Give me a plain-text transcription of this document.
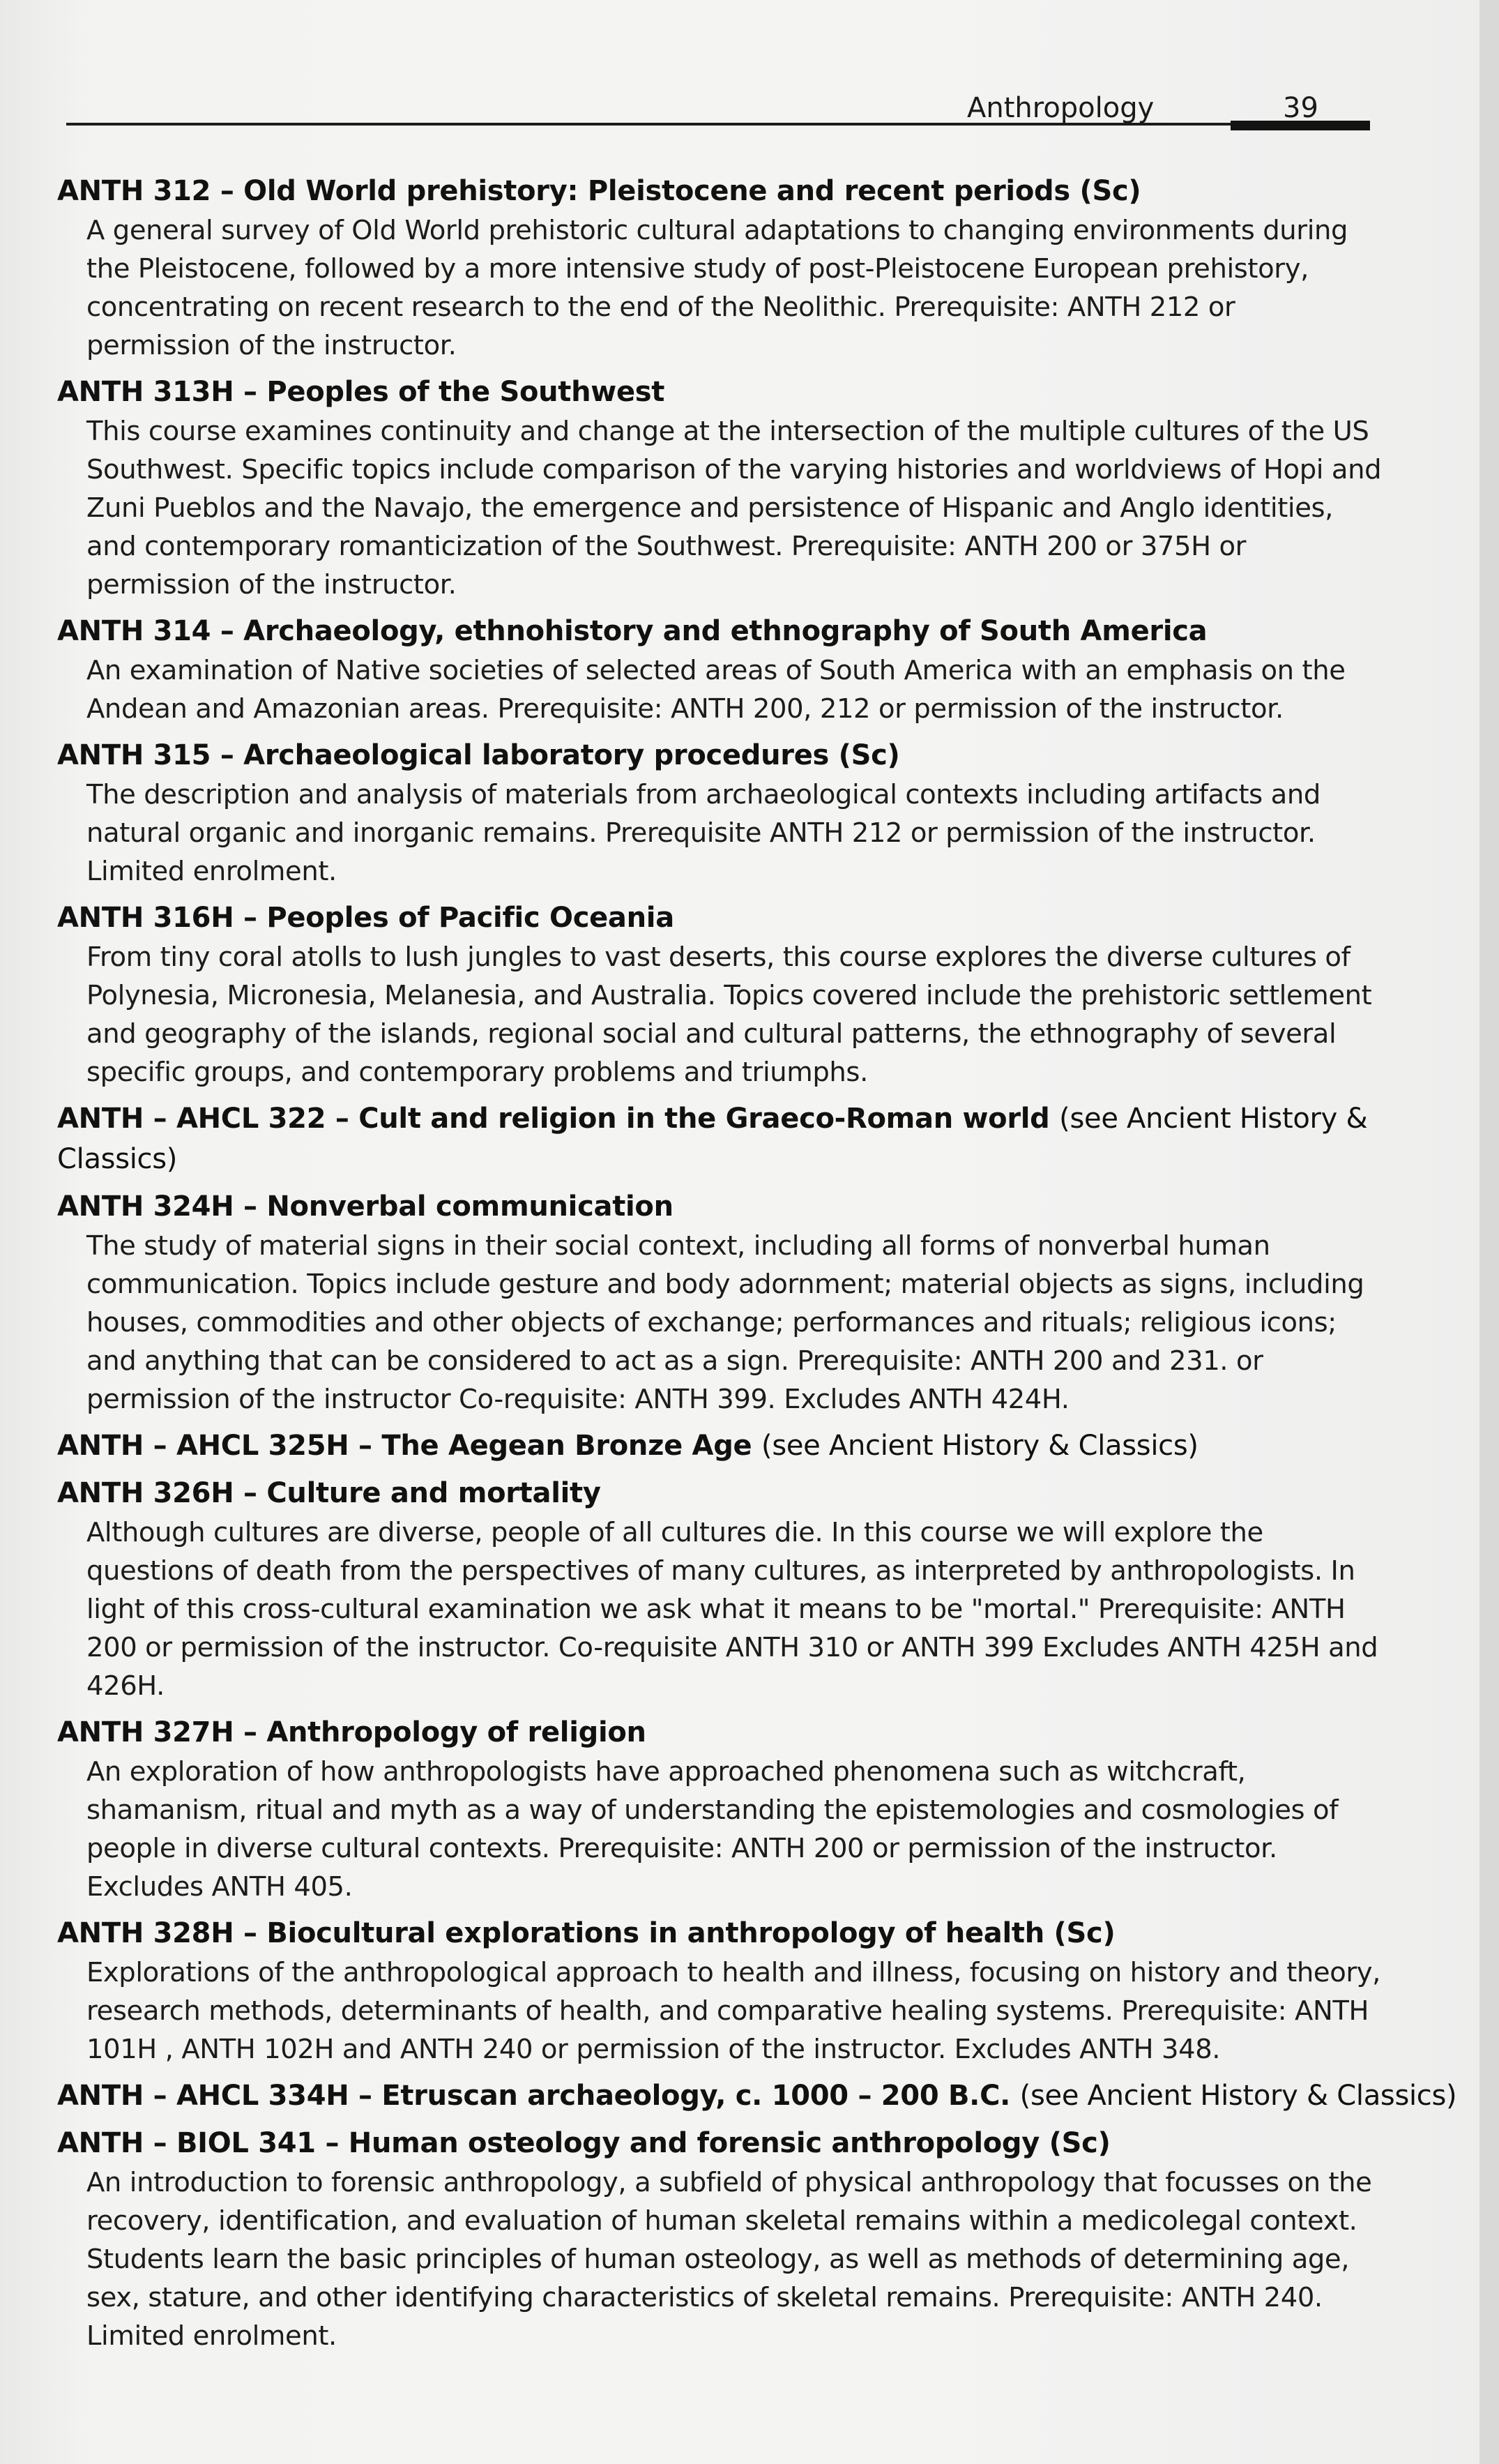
Anthropology	39
ANTH 312 – Old World prehistory: Pleistocene and recent periods (Sc)
A general survey of Old World prehistoric cultural adaptations to changing environments during the Pleistocene, followed by a more intensive study of post-Pleistocene European prehistory, concentrating on recent research to the end of the Neolithic. Prerequisite: ANTH 212 or permission of the instructor.
ANTH 313H – Peoples of the Southwest
This course examines continuity and change at the intersection of the multiple cultures of the US Southwest. Specific topics include comparison of the varying histories and worldviews of Hopi and Zuni Pueblos and the Navajo, the emergence and persistence of Hispanic and Anglo identities, and contemporary romanticization of the Southwest. Prerequisite: ANTH 200 or 375H or permission of the instructor.
ANTH 314 – Archaeology, ethnohistory and ethnography of South America
An examination of Native societies of selected areas of South America with an emphasis on the Andean and Amazonian areas. Prerequisite: ANTH 200, 212 or permission of the instructor.
ANTH 315 – Archaeological laboratory procedures (Sc)
The description and analysis of materials from archaeological contexts including artifacts and natural organic and inorganic remains. Prerequisite ANTH 212 or permission of the instructor. Limited enrolment.
ANTH 316H – Peoples of Pacific Oceania
From tiny coral atolls to lush jungles to vast deserts, this course explores the diverse cultures of Polynesia, Micronesia, Melanesia, and Australia. Topics covered include the prehistoric settlement and geography of the islands, regional social and cultural patterns, the ethnography of several specific groups, and contemporary problems and triumphs.
ANTH – AHCL 322 – Cult and religion in the Graeco-Roman world (see Ancient History & Classics)
ANTH 324H – Nonverbal communication
The study of material signs in their social context, including all forms of nonverbal human communication. Topics include gesture and body adornment; material objects as signs, including houses, commodities and other objects of exchange; performances and rituals; religious icons; and anything that can be considered to act as a sign. Prerequisite: ANTH 200 and 231. or permission of the instructor Co-requisite: ANTH 399. Excludes ANTH 424H.
ANTH – AHCL 325H – The Aegean Bronze Age (see Ancient History & Classics)
ANTH 326H – Culture and mortality
Although cultures are diverse, people of all cultures die. In this course we will explore the questions of death from the perspectives of many cultures, as interpreted by anthropologists. In light of this cross-cultural examination we ask what it means to be "mortal." Prerequisite: ANTH 200 or permission of the instructor. Co-requisite ANTH 310 or ANTH 399 Excludes ANTH 425H and 426H.
ANTH 327H – Anthropology of religion
An exploration of how anthropologists have approached phenomena such as witchcraft, shamanism, ritual and myth as a way of understanding the epistemologies and cosmologies of people in diverse cultural contexts. Prerequisite: ANTH 200 or permission of the instructor. Excludes ANTH 405.
ANTH 328H – Biocultural explorations in anthropology of health (Sc)
Explorations of the anthropological approach to health and illness, focusing on history and theory, research methods, determinants of health, and comparative healing systems. Prerequisite: ANTH 101H , ANTH 102H and ANTH 240 or permission of the instructor. Excludes ANTH 348.
ANTH – AHCL 334H – Etruscan archaeology, c. 1000 – 200 B.C. (see Ancient History & Classics)
ANTH – BIOL 341 – Human osteology and forensic anthropology (Sc)
An introduction to forensic anthropology, a subfield of physical anthropology that focusses on the recovery, identification, and evaluation of human skeletal remains within a medicolegal context. Students learn the basic principles of human osteology, as well as methods of determining age, sex, stature, and other identifying characteristics of skeletal remains. Prerequisite: ANTH 240. Limited enrolment.
